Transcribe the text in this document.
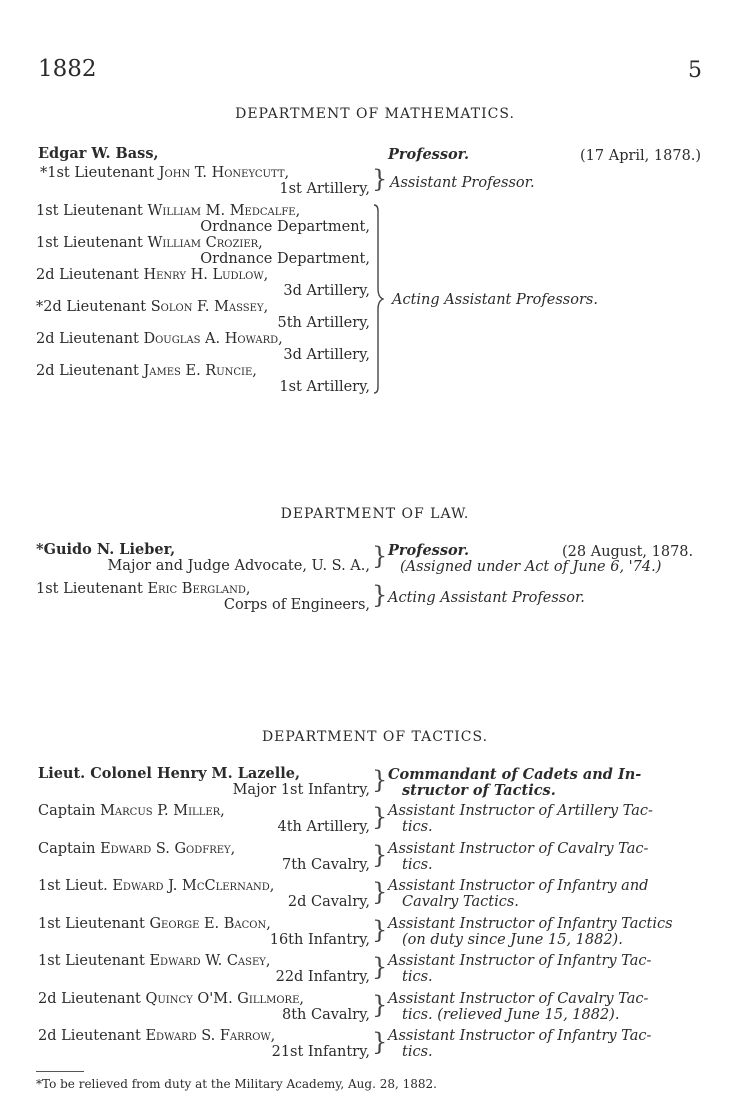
1882	5
DEPARTMENT OF MATHEMATICS.
Edgar W. Bass,	Professor.	(17 April, 1878.)
*1st Lieutenant John T. Honeycutt,
1st Artillery, } Assistant Professor.
1st Lieutenant William M. Medcalfe,
Ordnance Department,
1st Lieutenant William Crozier,
Ordnance Department,
2d Lieutenant Henry H. Ludlow,
3d Artillery,
*2d Lieutenant Solon F. Massey,
5th Artillery,
2d Lieutenant Douglas A. Howard,
3d Artillery,
2d Lieutenant James E. Runcie,
1st Artillery,
Acting Assistant Professors.
DEPARTMENT OF LAW.
*Guido N. Lieber,
Major and Judge Advocate, U. S. A., } Professor.	(28 August, 1878.
(Assigned under Act of June 6, '74.)
1st Lieutenant Eric Bergland,
Corps of Engineers, } Acting Assistant Professor.
DEPARTMENT OF TACTICS.
Lieut. Colonel Henry M. Lazelle,
Major 1st Infantry, } Commandant of Cadets and In-
structor of Tactics.
Captain Marcus P. Miller,
4th Artillery, } Assistant Instructor of Artillery Tac-
tics.
Captain Edward S. Godfrey,
7th Cavalry, } Assistant Instructor of Cavalry Tac-
tics.
1st Lieut. Edward J. McClernand,
2d Cavalry, } Assistant Instructor of Infantry and
Cavalry Tactics.
1st Lieutenant George E. Bacon,
16th Infantry, } Assistant Instructor of Infantry Tactics
(on duty since June 15, 1882).
1st Lieutenant Edward W. Casey,
22d Infantry, } Assistant Instructor of Infantry Tac-
tics.
2d Lieutenant Quincy O'M. Gillmore,
8th Cavalry, } Assistant Instructor of Cavalry Tac-
tics. (relieved June 15, 1882).
2d Lieutenant Edward S. Farrow,
21st Infantry, } Assistant Instructor of Infantry Tac-
tics.
*To be relieved from duty at the Military Academy, Aug. 28, 1882.
